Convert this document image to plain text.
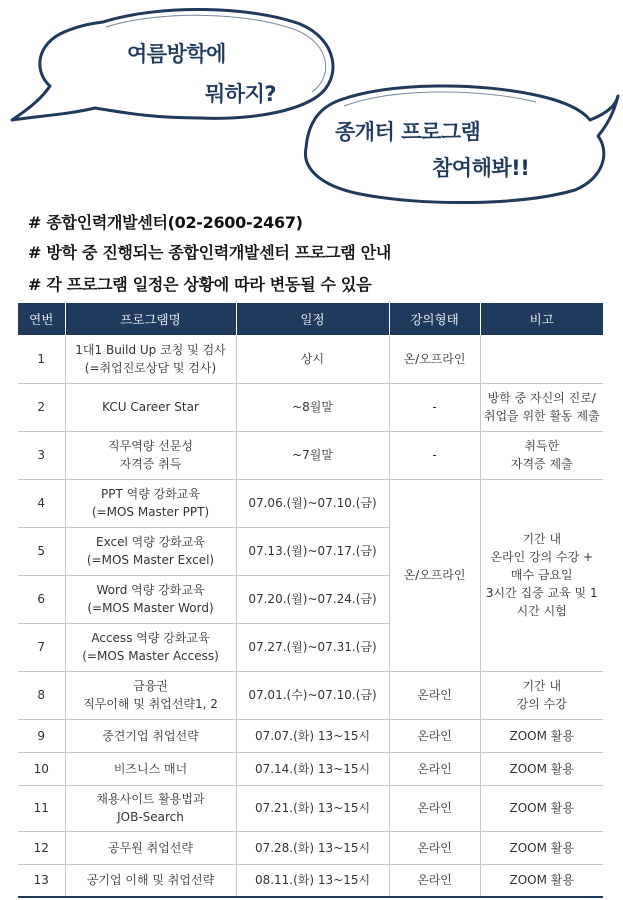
여름방학에
뭐하지?
종개터 프로그램
참여해봐!!
# 종합인력개발센터(02-2600-2467)
# 방학 중 진행되는 종합인력개발센터 프로그램 안내
# 각 프로그램 일정은 상황에 따라 변동될 수 있음
연번	프로그램명	일정	강의형태	비고
1	1대1 Build Up 코칭 및 검사
(=취업진로상담 및 검사)	상시	온/오프라인	
2	KCU Career Star	~8월말	-	방학 중 자신의 진로/
취업을 위한 활동 제출
3	직무역량 선문성
자격증 취득	~7월말	-	취득한
자격증 제출
4	PPT 역량 강화교육
(=MOS Master PPT)	07.06.(월)~07.10.(금)	온/오프라인	기간 내
온라인 강의 수강 +
매수 금요일
3시간 집중 교육 및 1
시간 시험
5	Excel 역량 강화교육
(=MOS Master Excel)	07.13.(월)~07.17.(금)		
6	Word 역량 강화교육
(=MOS Master Word)	07.20.(월)~07.24.(금)		
7	Access 역량 강화교육
(=MOS Master Access)	07.27.(월)~07.31.(금)		
8	금융권
직무이해 및 취업선략1, 2	07.01.(수)~07.10.(금)	온라인	기간 내
강의 수강
9	중견기업 취업선략	07.07.(화) 13~15시	온라인	ZOOM 활용
10	비즈니스 매너	07.14.(화) 13~15시	온라인	ZOOM 활용
11	채용사이트 활용법과
JOB-Search	07.21.(화) 13~15시	온라인	ZOOM 활용
12	공무원 취업선략	07.28.(화) 13~15시	온라인	ZOOM 활용
13	공기업 이해 및 취업선략	08.11.(화) 13~15시	온라인	ZOOM 활용
